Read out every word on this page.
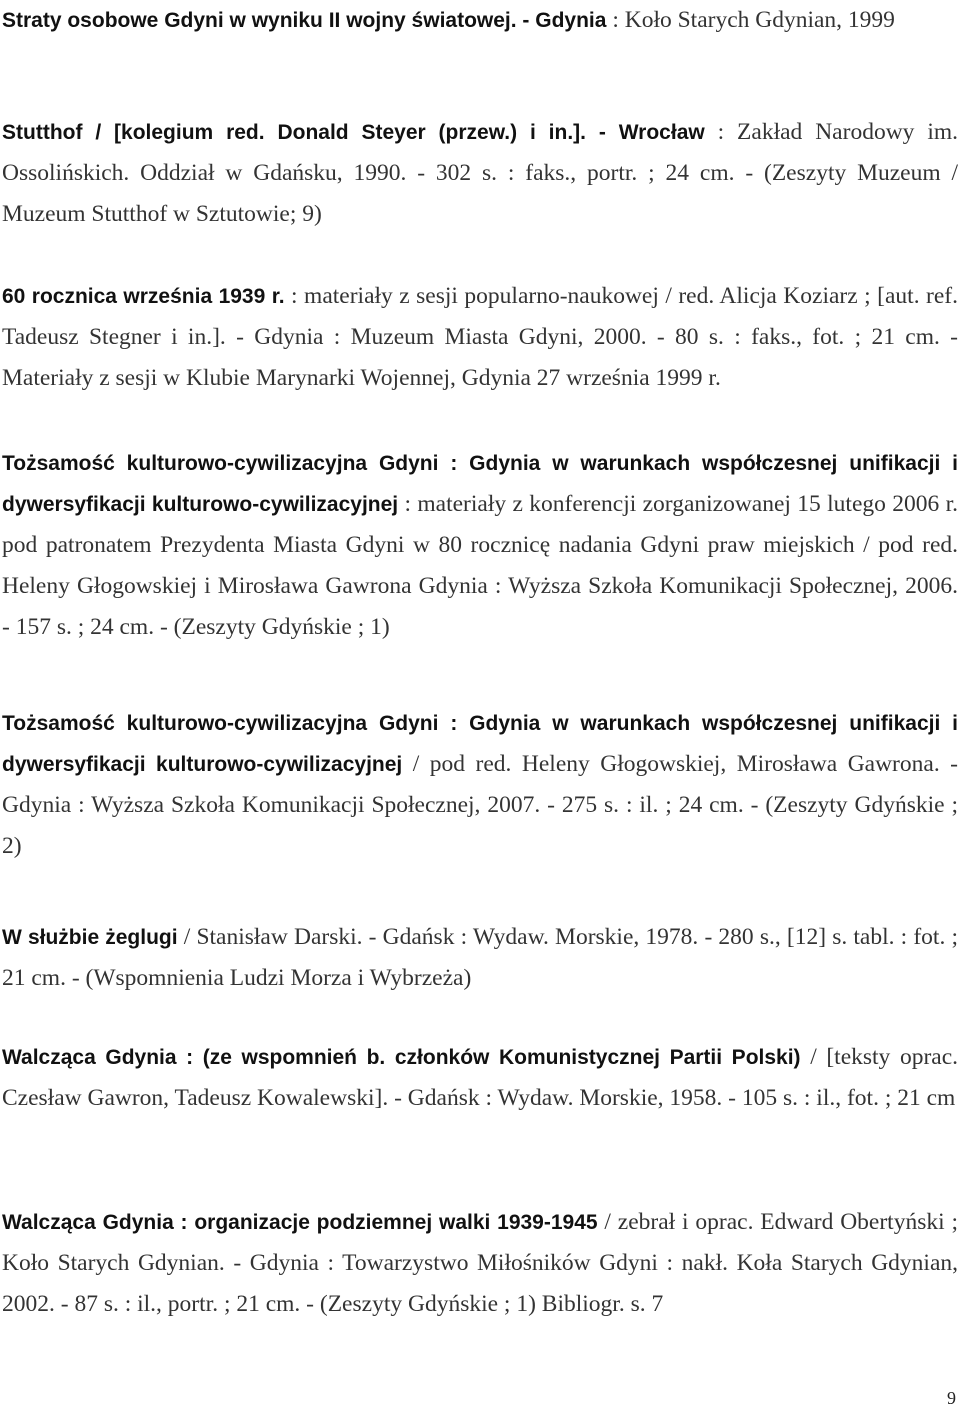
Straty osobowe Gdyni w wyniku II wojny światowej. - Gdynia : Koło Starych Gdynian, 1999

Stutthof / [kolegium red. Donald Steyer (przew.) i in.]. - Wrocław : Zakład Narodowy im. Ossolińskich. Oddział w Gdańsku, 1990. - 302 s. : faks., portr. ; 24 cm. - (Zeszyty Muzeum / Muzeum Stutthof w Sztutowie; 9)

60 rocznica września 1939 r. : materiały z sesji popularno-naukowej / red. Alicja Koziarz ; [aut. ref. Tadeusz Stegner i in.]. - Gdynia : Muzeum Miasta Gdyni, 2000. - 80 s. : faks., fot. ; 21 cm. - Materiały z sesji w Klubie Marynarki Wojennej, Gdynia 27 września 1999 r.

Tożsamość kulturowo-cywilizacyjna Gdyni : Gdynia w warunkach współczesnej unifikacji i dywersyfikacji kulturowo-cywilizacyjnej : materiały z konferencji zorganizowanej 15 lutego 2006 r. pod patronatem Prezydenta Miasta Gdyni w 80 rocznicę nadania Gdyni praw miejskich / pod red. Heleny Głogowskiej i Mirosława Gawrona Gdynia : Wyższa Szkoła Komunikacji Społecznej, 2006. - 157 s. ; 24 cm. - (Zeszyty Gdyńskie ; 1)

Tożsamość kulturowo-cywilizacyjna Gdyni : Gdynia w warunkach współczesnej unifikacji i dywersyfikacji kulturowo-cywilizacyjnej / pod red. Heleny Głogowskiej, Mirosława Gawrona. - Gdynia : Wyższa Szkoła Komunikacji Społecznej, 2007. - 275 s. : il. ; 24 cm. - (Zeszyty Gdyńskie ; 2)

W służbie żeglugi / Stanisław Darski. - Gdańsk : Wydaw. Morskie, 1978. - 280 s., [12] s. tabl. : fot. ; 21 cm. - (Wspomnienia Ludzi Morza i Wybrzeża)

Walcząca Gdynia : (ze wspomnień b. członków Komunistycznej Partii Polski) / [teksty oprac. Czesław Gawron, Tadeusz Kowalewski]. - Gdańsk : Wydaw. Morskie, 1958. - 105 s. : il., fot. ; 21 cm

Walcząca Gdynia : organizacje podziemnej walki 1939-1945 / zebrał i oprac. Edward Obertyński ; Koło Starych Gdynian. - Gdynia : Towarzystwo Miłośników Gdyni : nakł. Koła Starych Gdynian, 2002. - 87 s. : il., portr. ; 21 cm. - (Zeszyty Gdyńskie ; 1) Bibliogr. s. 7

9
